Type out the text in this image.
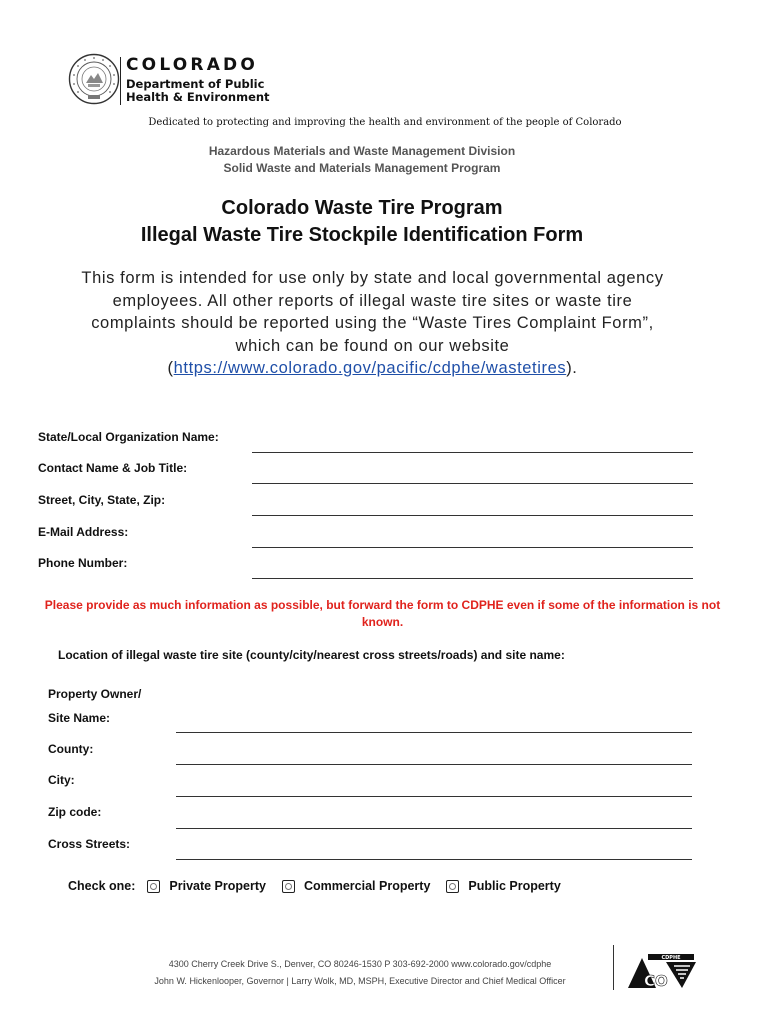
COLORADO
Department of Public
Health & Environment
Dedicated to protecting and improving the health and environment of the people of Colorado
Hazardous Materials and Waste Management Division
Solid Waste and Materials Management Program
Colorado Waste Tire Program
Illegal Waste Tire Stockpile Identification Form
This form is intended for use only by state and local governmental agency employees. All other reports of illegal waste tire sites or waste tire complaints should be reported using the “Waste Tires Complaint Form”, which can be found on our website (https://www.colorado.gov/pacific/cdphe/wastetires).
State/Local Organization Name:
Contact Name & Job Title:
Street, City, State, Zip:
E-Mail Address:
Phone Number:
Please provide as much information as possible, but forward the form to CDPHE even if some of the information is not known.
Location of illegal waste tire site (county/city/nearest cross streets/roads) and site name:
Property Owner/
Site Name:
County:
City:
Zip code:
Cross Streets:
Check one:	Private Property	Commercial Property	Public Property
4300 Cherry Creek Drive S., Denver, CO 80246-1530 P 303-692-2000 www.colorado.gov/cdphe
John W. Hickenlooper, Governor | Larry Wolk, MD, MSPH, Executive Director and Chief Medical Officer
CDPHE
CO
